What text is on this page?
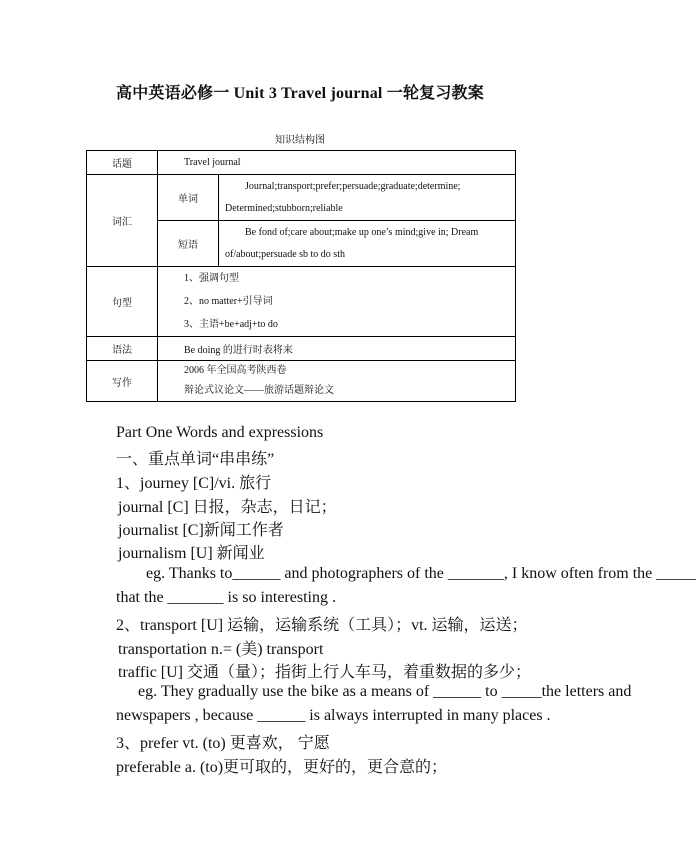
高中英语必修一 Unit 3 Travel journal 一轮复习教案
知识结构图
话题	Travel journal	
词汇	单词	Journal;transport;prefer;persuade;graduate;determine;
Determined;stubborn;reliable

	短语	Be fond of;care about;make up one’s mind;give in; Dream
of/about;persuade sb to do sth

句型	1、强调句型
2、no matter+引导词
3、主语+be+adj+to do	

语法	Be doing 的进行时表将来	
写作	2006 年全国高考陕西卷
辩论式议论文——旅游话题辩论文	
Part One Words and expressions
一、重点单词“串串练”
1、journey [C]/vi. 旅行
journal [C] 日报，杂志，日记；
journalist [C]新闻工作者
journalism [U] 新闻业
eg. Thanks to______ and photographers of the _______, I know often from the _____
that the _______ is so interesting .
2、transport [U] 运输，运输系统（工具）；vt. 运输，运送；
transportation n.= (美) transport
traffic [U] 交通（量）；指街上行人车马，着重数据的多少；
eg. They gradually use the bike as a means of ______ to _____the letters and
newspapers , because ______ is always interrupted in many places .
3、prefer vt. (to) 更喜欢， 宁愿
preferable a. (to)更可取的，更好的，更合意的；
